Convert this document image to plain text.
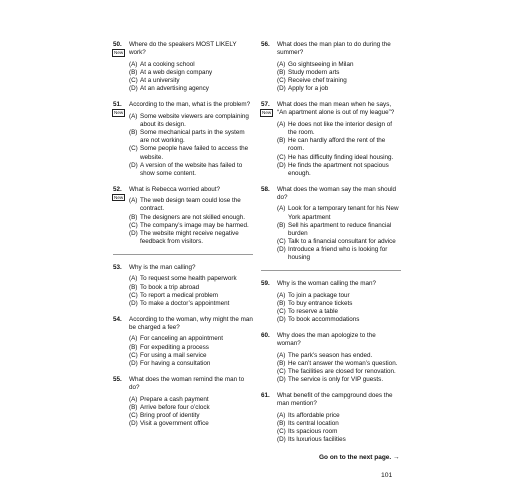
50.
New
Where do the speakers MOST LIKELY work?
(A) At a cooking school
(B) At a web design company
(C) At a university
(D) At an advertising agency
51.
New
According to the man, what is the problem?
(A) Some website viewers are complaining about its design.
(B) Some mechanical parts in the system are not working.
(C) Some people have failed to access the website.
(D) A version of the website has failed to show some content.
52.
New
What is Rebecca worried about?
(A) The web design team could lose the contract.
(B) The designers are not skilled enough.
(C) The company’s image may be harmed.
(D) The website might receive negative feedback from visitors.
53. Why is the man calling?
(A) To request some health paperwork
(B) To book a trip abroad
(C) To report a medical problem
(D) To make a doctor’s appointment
54. According to the woman, why might the man be charged a fee?
(A) For canceling an appointment
(B) For expediting a process
(C) For using a mail service
(D) For having a consultation
55. What does the woman remind the man to do?
(A) Prepare a cash payment
(B) Arrive before four o’clock
(C) Bring proof of identity
(D) Visit a government office
56. What does the man plan to do during the summer?
(A) Go sightseeing in Milan
(B) Study modern arts
(C) Receive chef training
(D) Apply for a job
57.
New
What does the man mean when he says, “An apartment alone is out of my league”?
(A) He does not like the interior design of the room.
(B) He can hardly afford the rent of the room.
(C) He has difficulty finding ideal housing.
(D) He finds the apartment not spacious enough.
58. What does the woman say the man should do?
(A) Look for a temporary tenant for his New York apartment
(B) Sell his apartment to reduce financial burden
(C) Talk to a financial consultant for advice
(D) Introduce a friend who is looking for housing
59. Why is the woman calling the man?
(A) To join a package tour
(B) To buy entrance tickets
(C) To reserve a table
(D) To book accommodations
60. Why does the man apologize to the woman?
(A) The park’s season has ended.
(B) He can’t answer the woman’s question.
(C) The facilities are closed for renovation.
(D) The service is only for VIP guests.
61. What benefit of the campground does the man mention?
(A) Its affordable price
(B) Its central location
(C) Its spacious room
(D) Its luxurious facilities
Go on to the next page. →
101
